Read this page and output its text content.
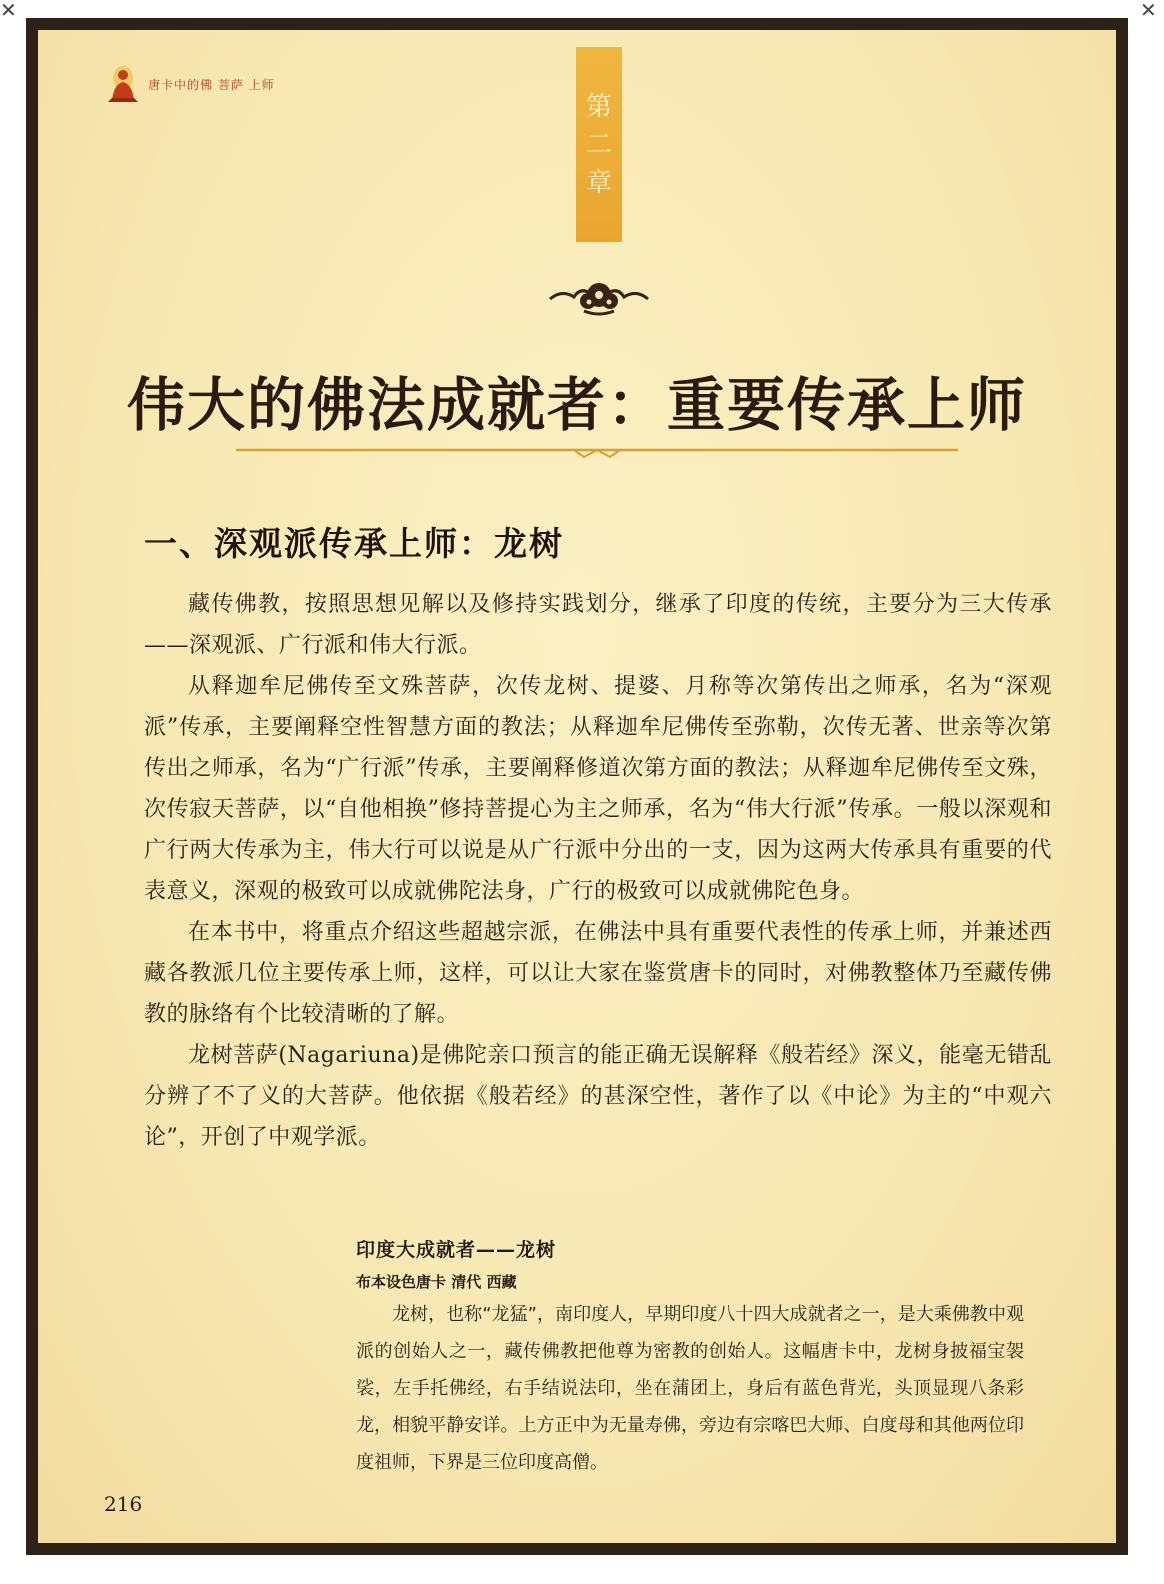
✕	✕
唐卡中的佛 菩萨 上师
第
二
章
伟大的佛法成就者：重要传承上师
一、深观派传承上师：龙树

藏传佛教，按照思想见解以及修持实践划分，继承了印度的传统，主要分为三大传承——深观派、广行派和伟大行派。

从释迦牟尼佛传至文殊菩萨，次传龙树、提婆、月称等次第传出之师承，名为“深观派”传承，主要阐释空性智慧方面的教法；从释迦牟尼佛传至弥勒，次传无著、世亲等次第传出之师承，名为“广行派”传承，主要阐释修道次第方面的教法；从释迦牟尼佛传至文殊，次传寂天菩萨，以“自他相换”修持菩提心为主之师承，名为“伟大行派”传承。一般以深观和广行两大传承为主，伟大行可以说是从广行派中分出的一支，因为这两大传承具有重要的代表意义，深观的极致可以成就佛陀法身，广行的极致可以成就佛陀色身。

在本书中，将重点介绍这些超越宗派，在佛法中具有重要代表性的传承上师，并兼述西藏各教派几位主要传承上师，这样，可以让大家在鉴赏唐卡的同时，对佛教整体乃至藏传佛教的脉络有个比较清晰的了解。

龙树菩萨(Nagariuna)是佛陀亲口预言的能正确无误解释《般若经》深义，能毫无错乱分辨了不了义的大菩萨。他依据《般若经》的甚深空性，著作了以《中论》为主的“中观六论”，开创了中观学派。

印度大成就者——龙树

布本设色唐卡 清代 西藏

龙树，也称“龙猛”，南印度人，早期印度八十四大成就者之一，是大乘佛教中观派的创始人之一，藏传佛教把他尊为密教的创始人。这幅唐卡中，龙树身披福宝袈裟，左手托佛经，右手结说法印，坐在蒲团上，身后有蓝色背光，头顶显现八条彩龙，相貌平静安详。上方正中为无量寿佛，旁边有宗喀巴大师、白度母和其他两位印度祖师，下界是三位印度高僧。

216
